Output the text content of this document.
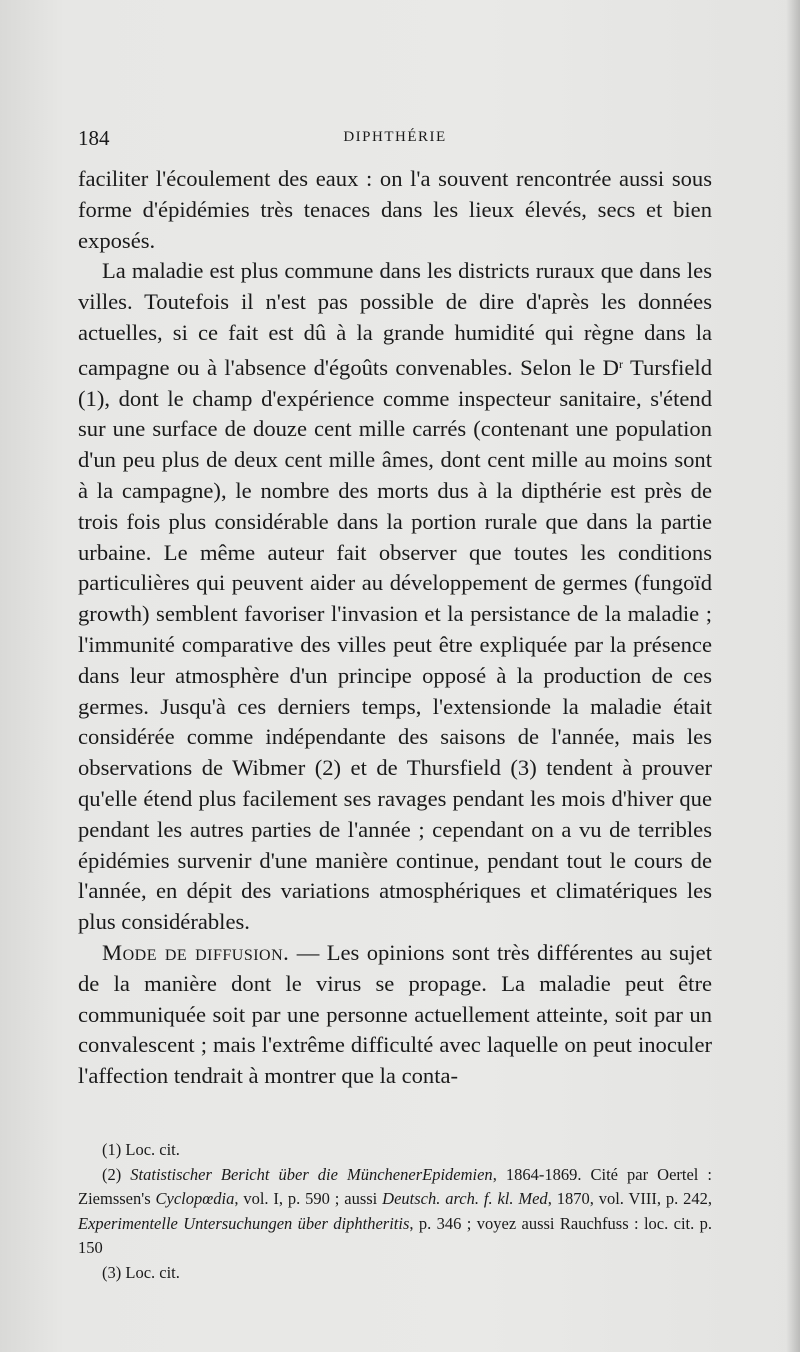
184	DIPHTHÉRIE

faciliter l'écoulement des eaux : on l'a souvent rencontrée aussi sous forme d'épidémies très tenaces dans les lieux élevés, secs et bien exposés.

La maladie est plus commune dans les districts ruraux que dans les villes. Toutefois il n'est pas possible de dire d'après les données actuelles, si ce fait est dû à la grande humidité qui règne dans la campagne ou à l'absence d'égoûts convenables. Selon le $D^r$ Tursfield (1), dont le champ d'expérience comme inspecteur sanitaire, s'étend sur une surface de douze cent mille carrés (contenant une population d'un peu plus de deux cent mille âmes, dont cent mille au moins sont à la campagne), le nombre des morts dus à la dipthérie est près de trois fois plus considérable dans la portion rurale que dans la partie urbaine. Le même auteur fait observer que toutes les conditions particulières qui peuvent aider au développement de germes (fungoïd growth) semblent favoriser l'invasion et la persistance de la maladie ; l'immunité comparative des villes peut être expliquée par la présence dans leur atmosphère d'un principe opposé à la production de ces germes. Jusqu'à ces derniers temps, l'extensionde la maladie était considérée comme indépendante des saisons de l'année, mais les observations de Wibmer (2) et de Thursfield (3) tendent à prouver qu'elle étend plus facilement ses ravages pendant les mois d'hiver que pendant les autres parties de l'année ; cependant on a vu de terribles épidémies survenir d'une manière continue, pendant tout le cours de l'année, en dépit des variations atmosphériques et climatériques les plus considérables.

Mode de diffusion. — Les opinions sont très différentes au sujet de la manière dont le virus se propage. La maladie peut être communiquée soit par une personne actuellement atteinte, soit par un convalescent ; mais l'extrême difficulté avec laquelle on peut inoculer l'affection tendrait à montrer que la conta-

(1) Loc. cit.

(2) Statistischer Bericht über die MünchenerEpidemien, 1864-1869. Cité par Oertel : Ziemssen's Cyclopœdia, vol. I, p. 590 ; aussi Deutsch. arch. f. kl. Med, 1870, vol. VIII, p. 242, Experimentelle Untersuchungen über diphtheritis, p. 346 ; voyez aussi Rauchfuss : loc. cit. p. 150

(3) Loc. cit.
